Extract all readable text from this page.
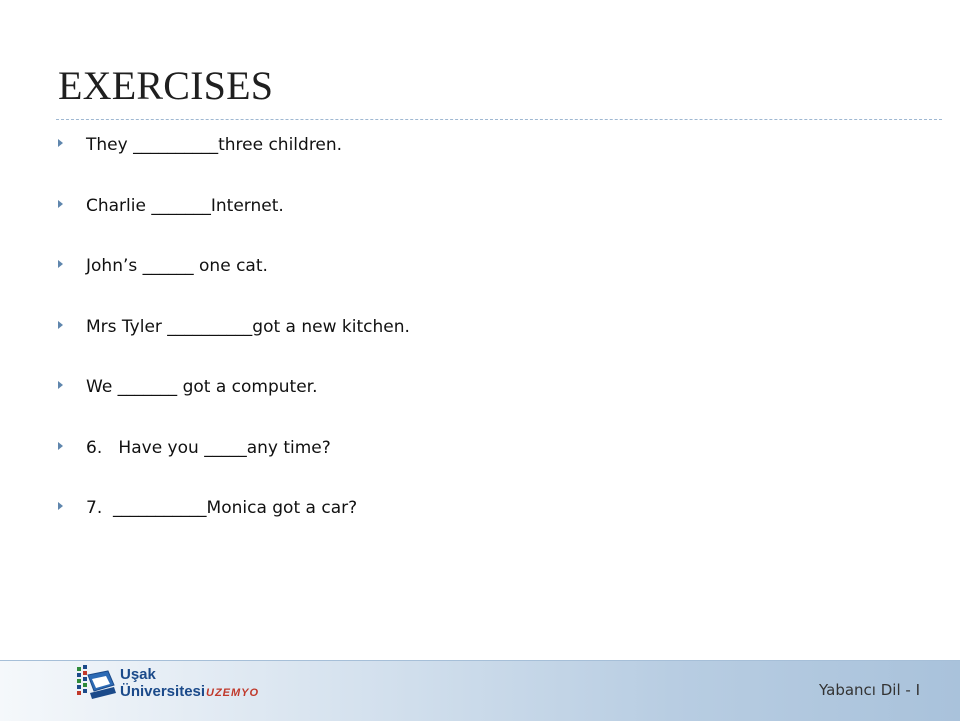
EXERCISES
They __________three children.
Charlie _______Internet.
John’s ______ one cat.
Mrs Tyler __________got a new kitchen.
We _______ got a computer.
6.   Have you _____any time?
7.  ___________Monica got a car?
Uşak
Üniversitesi UZEMYO	Yabancı Dil - I
